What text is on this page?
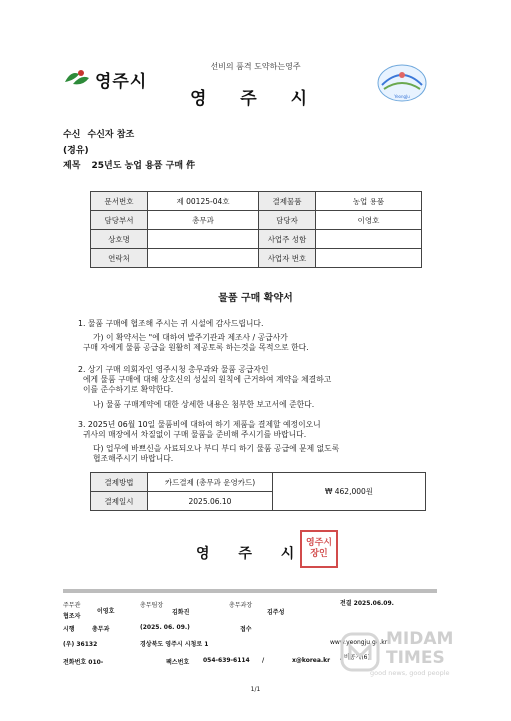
영주시
선비의 품격 도약하는영주
영 주 시	YeongJu
수신 수신자 참조
(경유)
제목 25년도 농업 용품 구매 件
문서번호	제 00125-04호	결제물품	농업 용품
담당부서	총무과	담당자	이영호
상호명		사업주 성함	
연락처		사업자 번호	
물품 구매 확약서
1. 물품 구매에 협조해 주시는 귀 시설에 감사드립니다.
가) 이 확약서는 "에 대하여 발주기관과 제조사 / 공급사가
구매 자에게 물품 공급을 원활히 제공토록 하는것을 목적으로 한다.
2. 상기 구매 의회자인 영주시청 총무과와 물품 공급자인
에게 물품 구매에 대해 상호신의 성실의 원칙에 근거하여 계약을 체결하고
이를 준수하기로 확약한다.
나) 물품 구매계약에 대한 상세한 내용은 첨부한 보고서에 준한다.
3. 2025년 06월 10일 물품비에 대하여 하기 제품을 결제할 예정이오니
귀사의 매장에서 차질없이 구매 물품을 준비해 주시기를 바랍니다.
다) 업무에 바쁘신을 사료되오나 부디 부디 하기 물품 공급에 문제 없도록
협조해주시기 바랍니다.
결제방법	카드결제 (총무과 운영카드)	₩ 462,000원
결제일시	2025.06.10	
영 주 시
영주시장인
주무관
이영호
총무팀장
김화진
총무과장
김주성
전결 2025.06.09.
협조자
시행	총무과	(2025. 06. 09.)	접수
(우) 36132	경상북도 영주시 시청로 1	www.yeongju.go.kr
/ 비공개(6)
전화번호 010-	팩스번호 054-639-6114 /	x@korea.kr
1/1
MIDAM
TIMES
good news, good people
